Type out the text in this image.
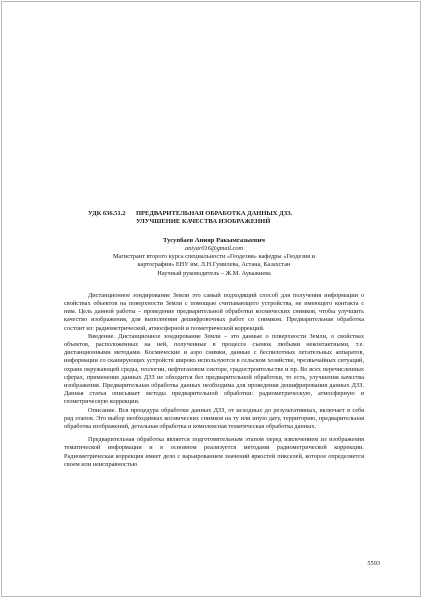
УДК 636.51.2	ПРЕДВАРИТЕЛЬНАЯ ОБРАБОТКА ДАННЫХ ДЗЗ.
УЛУЧШЕНИЕ КАЧЕСТВА ИЗОБРАЖЕНИЙ
Тусупбаев Анияр Ракымгазыевич
aniyar016@gmail.com
Магистрант второго курса специальности «Геодезия» кафедры «Геодезия и
картография» ЕНУ им. Л.Н.Гумилева, Астана, Казахстан
Научный руководитель – Ж.М. Аукажиева

Дистанционное зондирование Земли это самый подходящий способ для получения информации о свойствах объектов на поверхности Земли с помощью считывающего устройства, не имеющего контакта с ним. Цель данной работы – проведение предварительной обработки космических снимков, чтобы улучшить качество изображения, для выполнения дешифровочных работ со снимком. Предварительная обработка состоит из: радиометрической, атмосферной и геометрической коррекций.

Введение. Дистанционное зондирование Земли – это данные о поверхности Земли, о свойствах объектов, расположенных на ней, полученные в процессе съемок любыми неконтактными, т.е. дистанционными методами. Космические и аэро снимки, данные с беспилотных летательных аппаратов, информации со сканирующих устройств широко используются в сельском хозяйстве, чрезвычайных ситуаций, охране окружающей среды, геологии, нефтегазовом секторе, градостроительстве и пр. Во всех перечисленных сферах, применение данных ДЗЗ не обходится без предварительной обработки, то есть, улучшения качества изображения. Предварительная обработка данных необходима для проведения дешифрирования данных ДЗЗ. Данная статья описывает методы предварительной обработки: радиометрическую, атмосферную и геометрическую коррекции.

Описание. Вся процедура обработки данных ДЗЗ, от исходных до результативных, включает в себя ряд этапов. Это выбор необходимых космических снимков на ту или иную дату, территорию, предварительная обработка изображений, детальная обработка и комплексная тематическая обработка данных.

Предварительная обработка является подготовительным этапом перед извлечением из изображения тематической информации и в основном реализуется методами радиометрической коррекции. Радиометрическая коррекция имеет дело с варьированием значений яркостей пикселей, которое определяется своем или неисправностью

5593
